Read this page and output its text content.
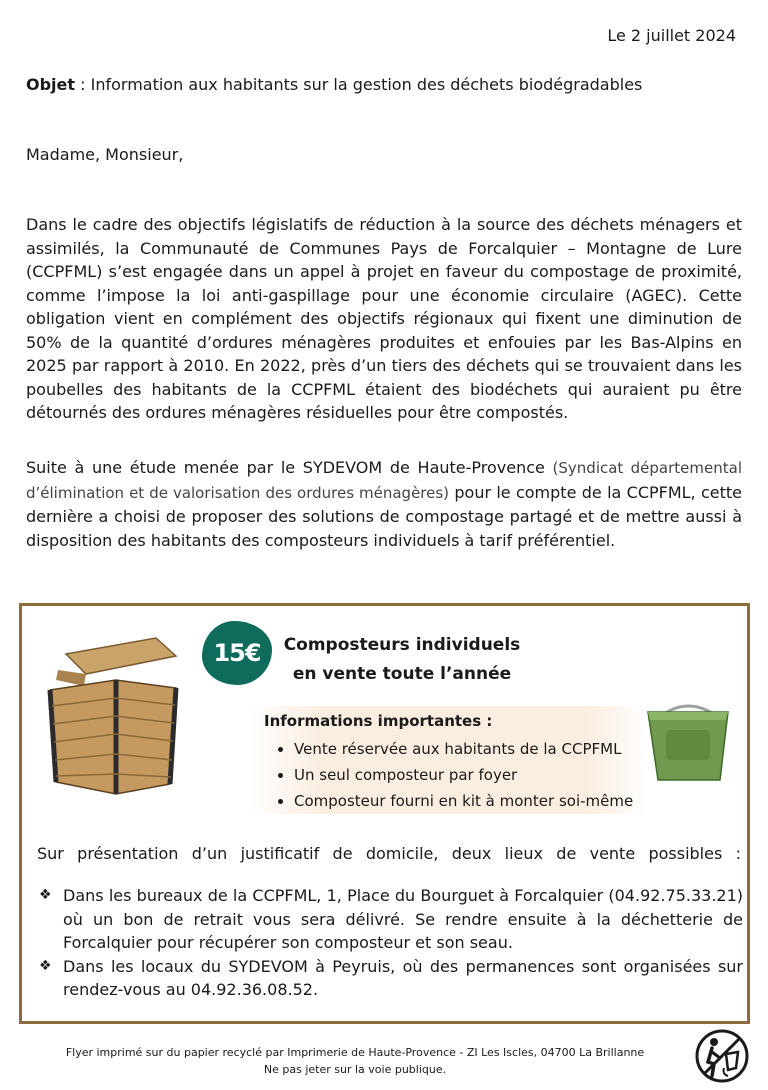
Le 2 juillet 2024
Objet : Information aux habitants sur la gestion des déchets biodégradables
Madame, Monsieur,
Dans le cadre des objectifs législatifs de réduction à la source des déchets ménagers et assimilés, la Communauté de Communes Pays de Forcalquier – Montagne de Lure (CCPFML) s’est engagée dans un appel à projet en faveur du compostage de proximité, comme l’impose la loi anti-gaspillage pour une économie circulaire (AGEC). Cette obligation vient en complément des objectifs régionaux qui fixent une diminution de 50% de la quantité d’ordures ménagères produites et enfouies par les Bas-Alpins en 2025 par rapport à 2010. En 2022, près d’un tiers des déchets qui se trouvaient dans les poubelles des habitants de la CCPFML étaient des biodéchets qui auraient pu être détournés des ordures ménagères résiduelles pour être compostés.
Suite à une étude menée par le SYDEVOM de Haute-Provence (Syndicat départemental d’élimination et de valorisation des ordures ménagères) pour le compte de la CCPFML, cette dernière a choisi de proposer des solutions de compostage partagé et de mettre aussi à disposition des habitants des composteurs individuels à tarif préférentiel.
15€	Composteurs individuels
en vente toute l’année
Informations importantes :
• Vente réservée aux habitants de la CCPFML
• Un seul composteur par foyer
• Composteur fourni en kit à monter soi-même
Sur présentation d’un justificatif de domicile, deux lieux de vente possibles :
❖ Dans les bureaux de la CCPFML, 1, Place du Bourguet à Forcalquier (04.92.75.33.21) où un bon de retrait vous sera délivré. Se rendre ensuite à la déchetterie de Forcalquier pour récupérer son composteur et son seau.
❖ Dans les locaux du SYDEVOM à Peyruis, où des permanences sont organisées sur rendez-vous au 04.92.36.08.52.
Flyer imprimé sur du papier recyclé par Imprimerie de Haute-Provence - ZI Les Iscles, 04700 La Brillanne
Ne pas jeter sur la voie publique.
